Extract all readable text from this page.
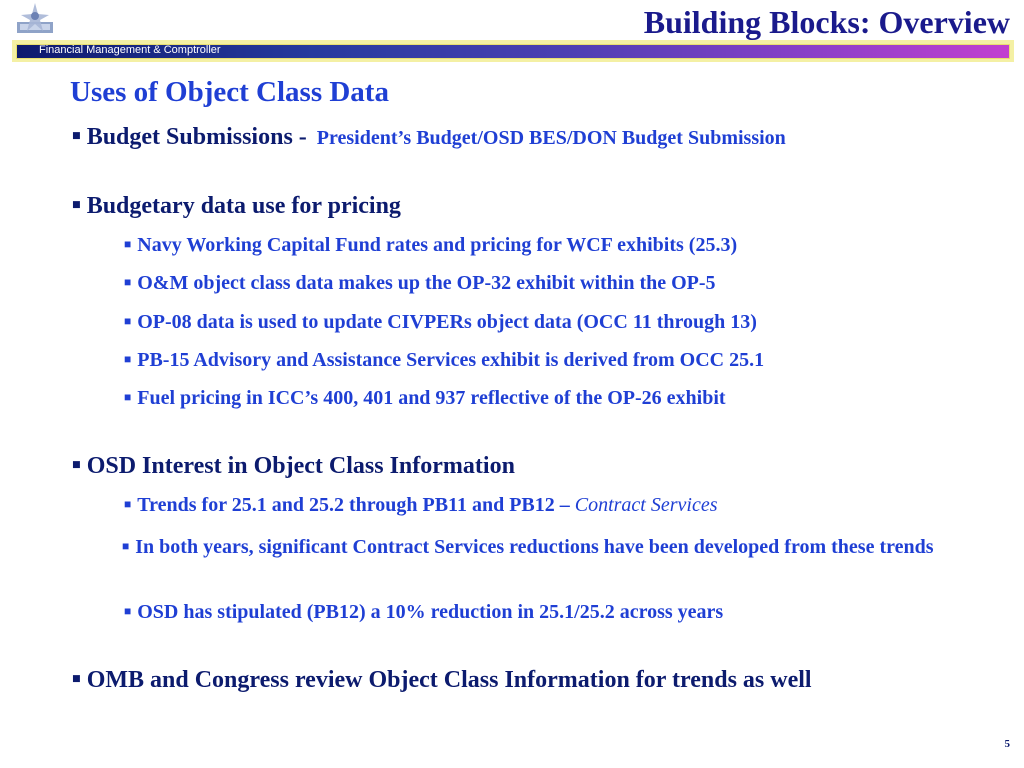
Building Blocks: Overview
Financial Management & Comptroller
Uses of Object Class Data
■ Budget Submissions - President’s Budget/OSD BES/DON Budget Submission
■ Budgetary data use for pricing
■ Navy Working Capital Fund rates and pricing for WCF exhibits (25.3)
■ O&M object class data makes up the OP-32 exhibit within the OP-5
■ OP-08 data is used to update CIVPERs object data (OCC 11 through 13)
■ PB-15 Advisory and Assistance Services exhibit is derived from OCC 25.1
■ Fuel pricing in ICC’s 400, 401 and 937 reflective of the OP-26 exhibit
■ OSD Interest in Object Class Information
■ Trends for 25.1 and 25.2 through PB11 and PB12 – Contract Services
■ In both years, significant Contract Services reductions have been developed from these trends
■ OSD has stipulated (PB12) a 10% reduction in 25.1/25.2 across years
■ OMB and Congress review Object Class Information for trends as well
5
